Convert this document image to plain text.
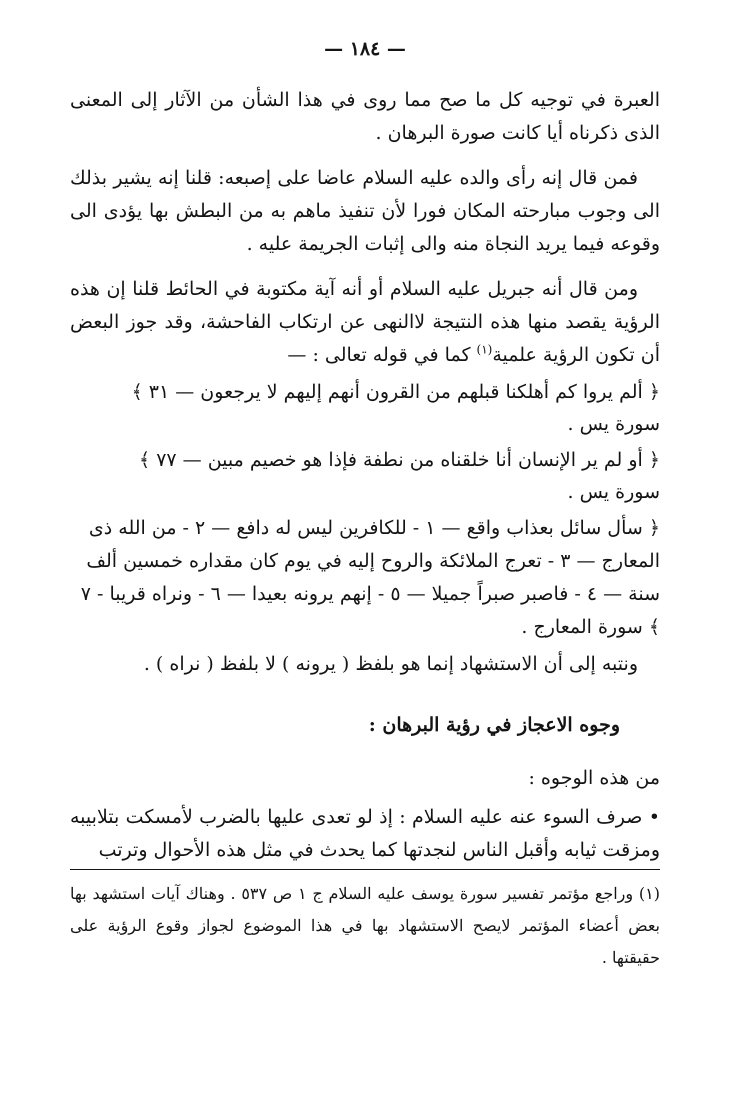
— ١٨٤ —

العبرة في توجيه كل ما صح مما روى في هذا الشأن من الآثار إلى المعنى الذى ذكرناه أيا كانت صورة البرهان .

فمن قال إنه رأى والده عليه السلام عاضا على إصبعه: قلنا إنه يشير بذلك الى وجوب مبارحته المكان فورا لأن تنفيذ ماهم به من البطش بها يؤدى الى وقوعه فيما يريد النجاة منه والى إثبات الجريمة عليه .

ومن قال أنه جبريل عليه السلام أو أنه آية مكتوبة في الحائط قلنا إن هذه الرؤية يقصد منها هذه النتيجة لاالنهى عن ارتكاب الفاحشة، وقد جوز البعض أن تكون الرؤية علمية$^{(١)}$ كما في قوله تعالى : —

﴿ ألم يروا كم أهلكنا قبلهم من القرون أنهم إليهم لا يرجعون — ٣١ ﴾

سورة يس .

﴿ أو لم ير الإنسان أنا خلقناه من نطفة فإذا هو خصيم مبين — ٧٧ ﴾

سورة يس .

﴿ سأل سائل بعذاب واقع — ١ - للكافرين ليس له دافع — ٢ - من الله ذى المعارج — ٣ - تعرج الملائكة والروح إليه في يوم كان مقداره خمسين ألف سنة — ٤ - فاصبر صبراً جميلا — ٥ - إنهم يرونه بعيدا — ٦ - ونراه قريبا - ٧ ﴾ سورة المعارج .

ونتبه إلى أن الاستشهاد إنما هو بلفظ ( يرونه ) لا بلفظ ( نراه ) .

وجوه الاعجاز في رؤية البرهان :

من هذه الوجوه :

• صرف السوء عنه عليه السلام : إذ لو تعدى عليها بالضرب لأمسكت بتلابيبه ومزقت ثيابه وأقبل الناس لنجدتها كما يحدث في مثل هذه الأحوال وترتب

(١) وراجع مؤتمر تفسير سورة يوسف عليه السلام ج ١ ص ٥٣٧ . وهناك آيات استشهد بها بعض أعضاء المؤتمر لايصح الاستشهاد بها في هذا الموضوع لجواز وقوع الرؤية على حقيقتها .
